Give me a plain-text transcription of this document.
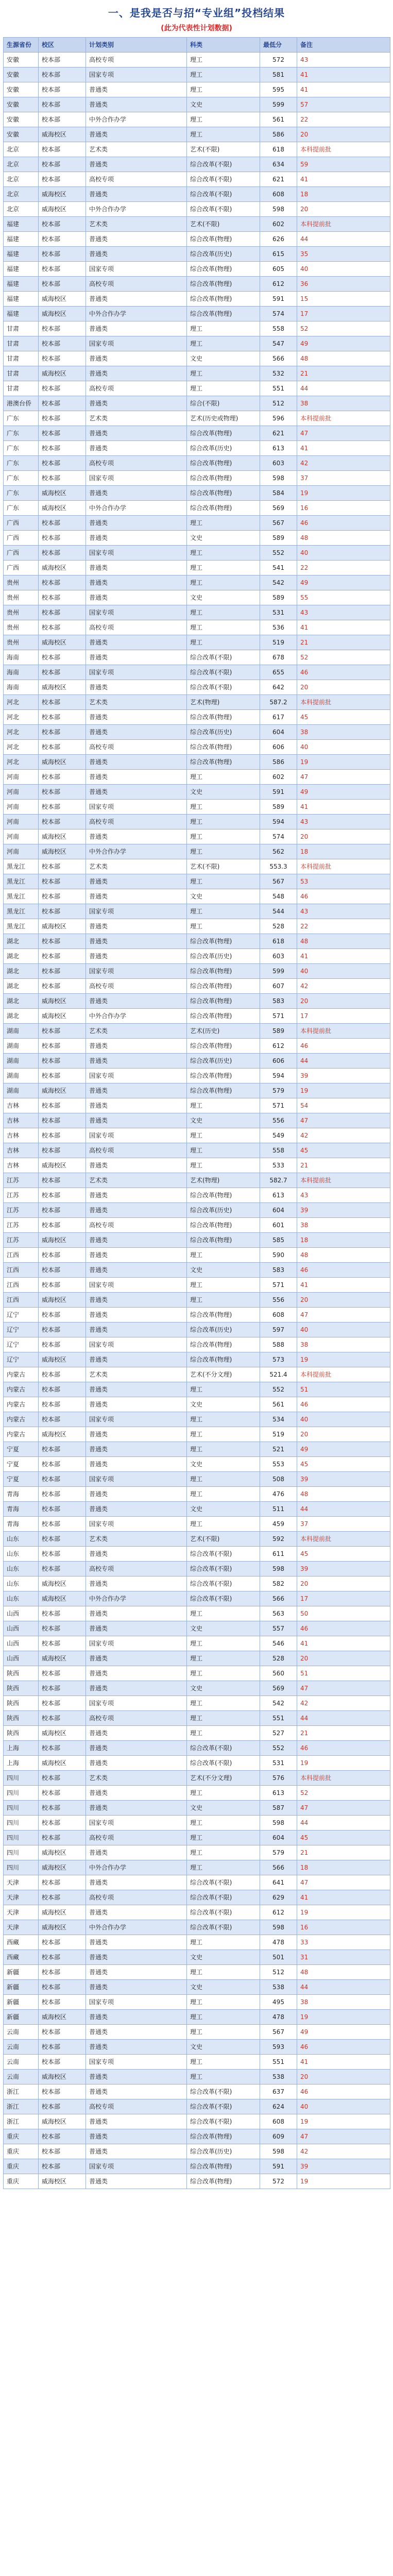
一、是我是否与招“专业组”投档结果
(此为代表性计划数据)
生源省份	校区	计划类别	科类	最低分	备注
安徽	校本部	高校专项	理工	572	43
安徽	校本部	国家专项	理工	581	41
安徽	校本部	普通类	理工	595	41
安徽	校本部	普通类	文史	599	57
安徽	校本部	中外合作办学	理工	561	22
安徽	威海校区	普通类	理工	586	20
北京	校本部	艺术类	艺术(不限)	618	本科提前批
北京	校本部	普通类	综合改革(不限)	634	59
北京	校本部	高校专项	综合改革(不限)	621	41
北京	威海校区	普通类	综合改革(不限)	608	18
北京	威海校区	中外合作办学	综合改革(不限)	598	20
福建	校本部	艺术类	艺术(不限)	602	本科提前批
福建	校本部	普通类	综合改革(物理)	626	44
福建	校本部	普通类	综合改革(历史)	615	35
福建	校本部	国家专项	综合改革(物理)	605	40
福建	校本部	高校专项	综合改革(物理)	612	36
福建	威海校区	普通类	综合改革(物理)	591	15
福建	威海校区	中外合作办学	综合改革(物理)	574	17
甘肃	校本部	普通类	理工	558	52
甘肃	校本部	国家专项	理工	547	49
甘肃	校本部	普通类	文史	566	48
甘肃	威海校区	普通类	理工	532	21
甘肃	校本部	高校专项	理工	551	44
港澳台侨	校本部	普通类	综合(不限)	512	38
广东	校本部	艺术类	艺术(历史或物理)	596	本科提前批
广东	校本部	普通类	综合改革(物理)	621	47
广东	校本部	普通类	综合改革(历史)	613	41
广东	校本部	高校专项	综合改革(物理)	603	42
广东	校本部	国家专项	综合改革(物理)	598	37
广东	威海校区	普通类	综合改革(物理)	584	19
广东	威海校区	中外合作办学	综合改革(物理)	569	16
广西	校本部	普通类	理工	567	46
广西	校本部	普通类	文史	589	48
广西	校本部	国家专项	理工	552	40
广西	威海校区	普通类	理工	541	22
贵州	校本部	普通类	理工	542	49
贵州	校本部	普通类	文史	589	55
贵州	校本部	国家专项	理工	531	43
贵州	校本部	高校专项	理工	536	41
贵州	威海校区	普通类	理工	519	21
海南	校本部	普通类	综合改革(不限)	678	52
海南	校本部	国家专项	综合改革(不限)	655	46
海南	威海校区	普通类	综合改革(不限)	642	20
河北	校本部	艺术类	艺术(物理)	587.2	本科提前批
河北	校本部	普通类	综合改革(物理)	617	45
河北	校本部	普通类	综合改革(历史)	604	38
河北	校本部	高校专项	综合改革(物理)	606	40
河北	威海校区	普通类	综合改革(物理)	586	19
河南	校本部	普通类	理工	602	47
河南	校本部	普通类	文史	591	49
河南	校本部	国家专项	理工	589	41
河南	校本部	高校专项	理工	594	43
河南	威海校区	普通类	理工	574	20
河南	威海校区	中外合作办学	理工	562	18
黑龙江	校本部	艺术类	艺术(不限)	553.3	本科提前批
黑龙江	校本部	普通类	理工	567	53
黑龙江	校本部	普通类	文史	548	46
黑龙江	校本部	国家专项	理工	544	43
黑龙江	威海校区	普通类	理工	528	22
湖北	校本部	普通类	综合改革(物理)	618	48
湖北	校本部	普通类	综合改革(历史)	603	41
湖北	校本部	国家专项	综合改革(物理)	599	40
湖北	校本部	高校专项	综合改革(物理)	607	42
湖北	威海校区	普通类	综合改革(物理)	583	20
湖北	威海校区	中外合作办学	综合改革(物理)	571	17
湖南	校本部	艺术类	艺术(历史)	589	本科提前批
湖南	校本部	普通类	综合改革(物理)	612	46
湖南	校本部	普通类	综合改革(历史)	606	44
湖南	校本部	国家专项	综合改革(物理)	594	39
湖南	威海校区	普通类	综合改革(物理)	579	19
吉林	校本部	普通类	理工	571	54
吉林	校本部	普通类	文史	556	47
吉林	校本部	国家专项	理工	549	42
吉林	校本部	高校专项	理工	558	45
吉林	威海校区	普通类	理工	533	21
江苏	校本部	艺术类	艺术(物理)	582.7	本科提前批
江苏	校本部	普通类	综合改革(物理)	613	43
江苏	校本部	普通类	综合改革(历史)	604	39
江苏	校本部	高校专项	综合改革(物理)	601	38
江苏	威海校区	普通类	综合改革(物理)	585	18
江西	校本部	普通类	理工	590	48
江西	校本部	普通类	文史	583	46
江西	校本部	国家专项	理工	571	41
江西	威海校区	普通类	理工	556	20
辽宁	校本部	普通类	综合改革(物理)	608	47
辽宁	校本部	普通类	综合改革(历史)	597	40
辽宁	校本部	国家专项	综合改革(物理)	588	38
辽宁	威海校区	普通类	综合改革(物理)	573	19
内蒙古	校本部	艺术类	艺术(不分文理)	521.4	本科提前批
内蒙古	校本部	普通类	理工	552	51
内蒙古	校本部	普通类	文史	561	46
内蒙古	校本部	国家专项	理工	534	40
内蒙古	威海校区	普通类	理工	519	20
宁夏	校本部	普通类	理工	521	49
宁夏	校本部	普通类	文史	553	45
宁夏	校本部	国家专项	理工	508	39
青海	校本部	普通类	理工	476	48
青海	校本部	普通类	文史	511	44
青海	校本部	国家专项	理工	459	37
山东	校本部	艺术类	艺术(不限)	592	本科提前批
山东	校本部	普通类	综合改革(不限)	611	45
山东	校本部	高校专项	综合改革(不限)	598	39
山东	威海校区	普通类	综合改革(不限)	582	20
山东	威海校区	中外合作办学	综合改革(不限)	566	17
山西	校本部	普通类	理工	563	50
山西	校本部	普通类	文史	557	46
山西	校本部	国家专项	理工	546	41
山西	威海校区	普通类	理工	528	20
陕西	校本部	普通类	理工	560	51
陕西	校本部	普通类	文史	569	47
陕西	校本部	国家专项	理工	542	42
陕西	校本部	高校专项	理工	551	44
陕西	威海校区	普通类	理工	527	21
上海	校本部	普通类	综合改革(不限)	552	46
上海	威海校区	普通类	综合改革(不限)	531	19
四川	校本部	艺术类	艺术(不分文理)	576	本科提前批
四川	校本部	普通类	理工	613	52
四川	校本部	普通类	文史	587	47
四川	校本部	国家专项	理工	598	44
四川	校本部	高校专项	理工	604	45
四川	威海校区	普通类	理工	579	21
四川	威海校区	中外合作办学	理工	566	18
天津	校本部	普通类	综合改革(不限)	641	47
天津	校本部	高校专项	综合改革(不限)	629	41
天津	威海校区	普通类	综合改革(不限)	612	19
天津	威海校区	中外合作办学	综合改革(不限)	598	16
西藏	校本部	普通类	理工	478	33
西藏	校本部	普通类	文史	501	31
新疆	校本部	普通类	理工	512	48
新疆	校本部	普通类	文史	538	44
新疆	校本部	国家专项	理工	495	38
新疆	威海校区	普通类	理工	478	19
云南	校本部	普通类	理工	567	49
云南	校本部	普通类	文史	593	46
云南	校本部	国家专项	理工	551	41
云南	威海校区	普通类	理工	538	20
浙江	校本部	普通类	综合改革(不限)	637	46
浙江	校本部	高校专项	综合改革(不限)	624	40
浙江	威海校区	普通类	综合改革(不限)	608	19
重庆	校本部	普通类	综合改革(物理)	609	47
重庆	校本部	普通类	综合改革(历史)	598	42
重庆	校本部	国家专项	综合改革(物理)	591	39
重庆	威海校区	普通类	综合改革(物理)	572	19
